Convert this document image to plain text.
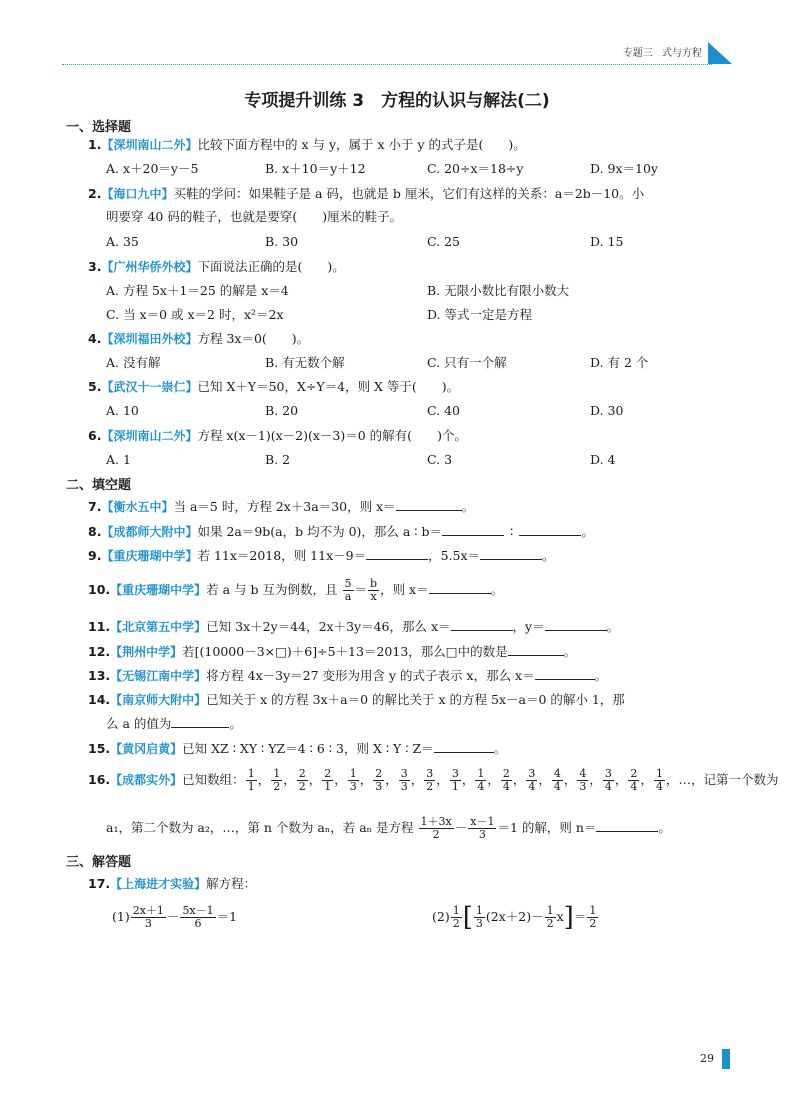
专题三 式与方程
专项提升训练 3　方程的认识与解法(二)
一、选择题
1.【深圳南山二外】比较下面方程中的 x 与 y，属于 x 小于 y 的式子是(　　)。
A. x＋20＝y－5	B. x＋10＝y＋12	C. 20÷x＝18÷y	D. 9x＝10y
2.【海口九中】买鞋的学问：如果鞋子是 a 码，也就是 b 厘米，它们有这样的关系：a＝2b－10。小
明要穿 40 码的鞋子，也就是要穿(　　)厘米的鞋子。
A. 35	B. 30	C. 25	D. 15
3.【广州华侨外校】下面说法正确的是(　　)。
A. 方程 5x＋1＝25 的解是 x＝4	B. 无限小数比有限小数大
C. 当 x＝0 或 x＝2 时，x²＝2x	D. 等式一定是方程
4.【深圳福田外校】方程 3x＝0(　　)。
A. 没有解	B. 有无数个解	C. 只有一个解	D. 有 2 个
5.【武汉十一崇仁】已知 X＋Y＝50，X÷Y＝4，则 X 等于(　　)。
A. 10	B. 20	C. 40	D. 30
6.【深圳南山二外】方程 x(x－1)(x－2)(x－3)＝0 的解有(　　)个。
A. 1	B. 2	C. 3	D. 4
二、填空题
7.【衡水五中】当 a＝5 时，方程 2x＋3a＝30，则 x＝	。
8.【成都师大附中】如果 2a＝9b(a，b 均不为 0)，那么 a ∶ b＝	∶	。
9.【重庆珊瑚中学】若 11x＝2018，则 11x－9＝	，5.5x＝	。
10.【重庆珊瑚中学】若 a 与 b 互为倒数，且 $\frac{5}{a} = \frac{b}{x}$ ，则 x＝	。
11.【北京第五中学】已知 3x＋2y＝44，2x＋3y＝46，那么 x＝	，y＝	。
12.【荆州中学】若[(10000－3×□)＋6]÷5＋13＝2013，那么□中的数是	。
13.【无锡江南中学】将方程 4x－3y＝27 变形为用含 y 的式子表示 x，那么 x＝	。
14.【南京师大附中】已知关于 x 的方程 3x＋a＝0 的解比关于 x 的方程 5x－a＝0 的解小 1，那
么 a 的值为	。
15.【黄冈启黄】已知 XZ ∶ XY ∶ YZ＝4 ∶ 6 ∶ 3，则 X ∶ Y ∶ Z＝	。
16.【成都实外】已知数组： $\frac{1}{1}$ ， $\frac{1}{2}$ ， $\frac{2}{2}$ ， $\frac{2}{1}$ ， $\frac{1}{3}$ ， $\frac{2}{3}$ ， $\frac{3}{3}$ ， $\frac{3}{2}$ ， $\frac{3}{1}$ ， $\frac{1}{4}$ ， $\frac{2}{4}$ ， $\frac{3}{4}$ ， $\frac{4}{4}$ ， $\frac{4}{3}$ ， $\frac{3}{4}$ ， $\frac{2}{4}$ ， $\frac{1}{4}$ ，…，记第一个数为
a₁，第二个数为 a₂，…，第 n 个数为 aₙ，若 aₙ 是方程 $\frac{1+3x}{2} - \frac{x-1}{3} =1$ 的解，则 n＝	。
三、解答题
17.【上海进才实验】解方程：
$(1) \frac{2x+1}{3} - \frac{5x-1}{6} =1$	$(2) \frac{1}{2}$ [ $\frac{1}{3} (2x+2)- \frac{1}{2} x]= \frac{1}{2}$
29
